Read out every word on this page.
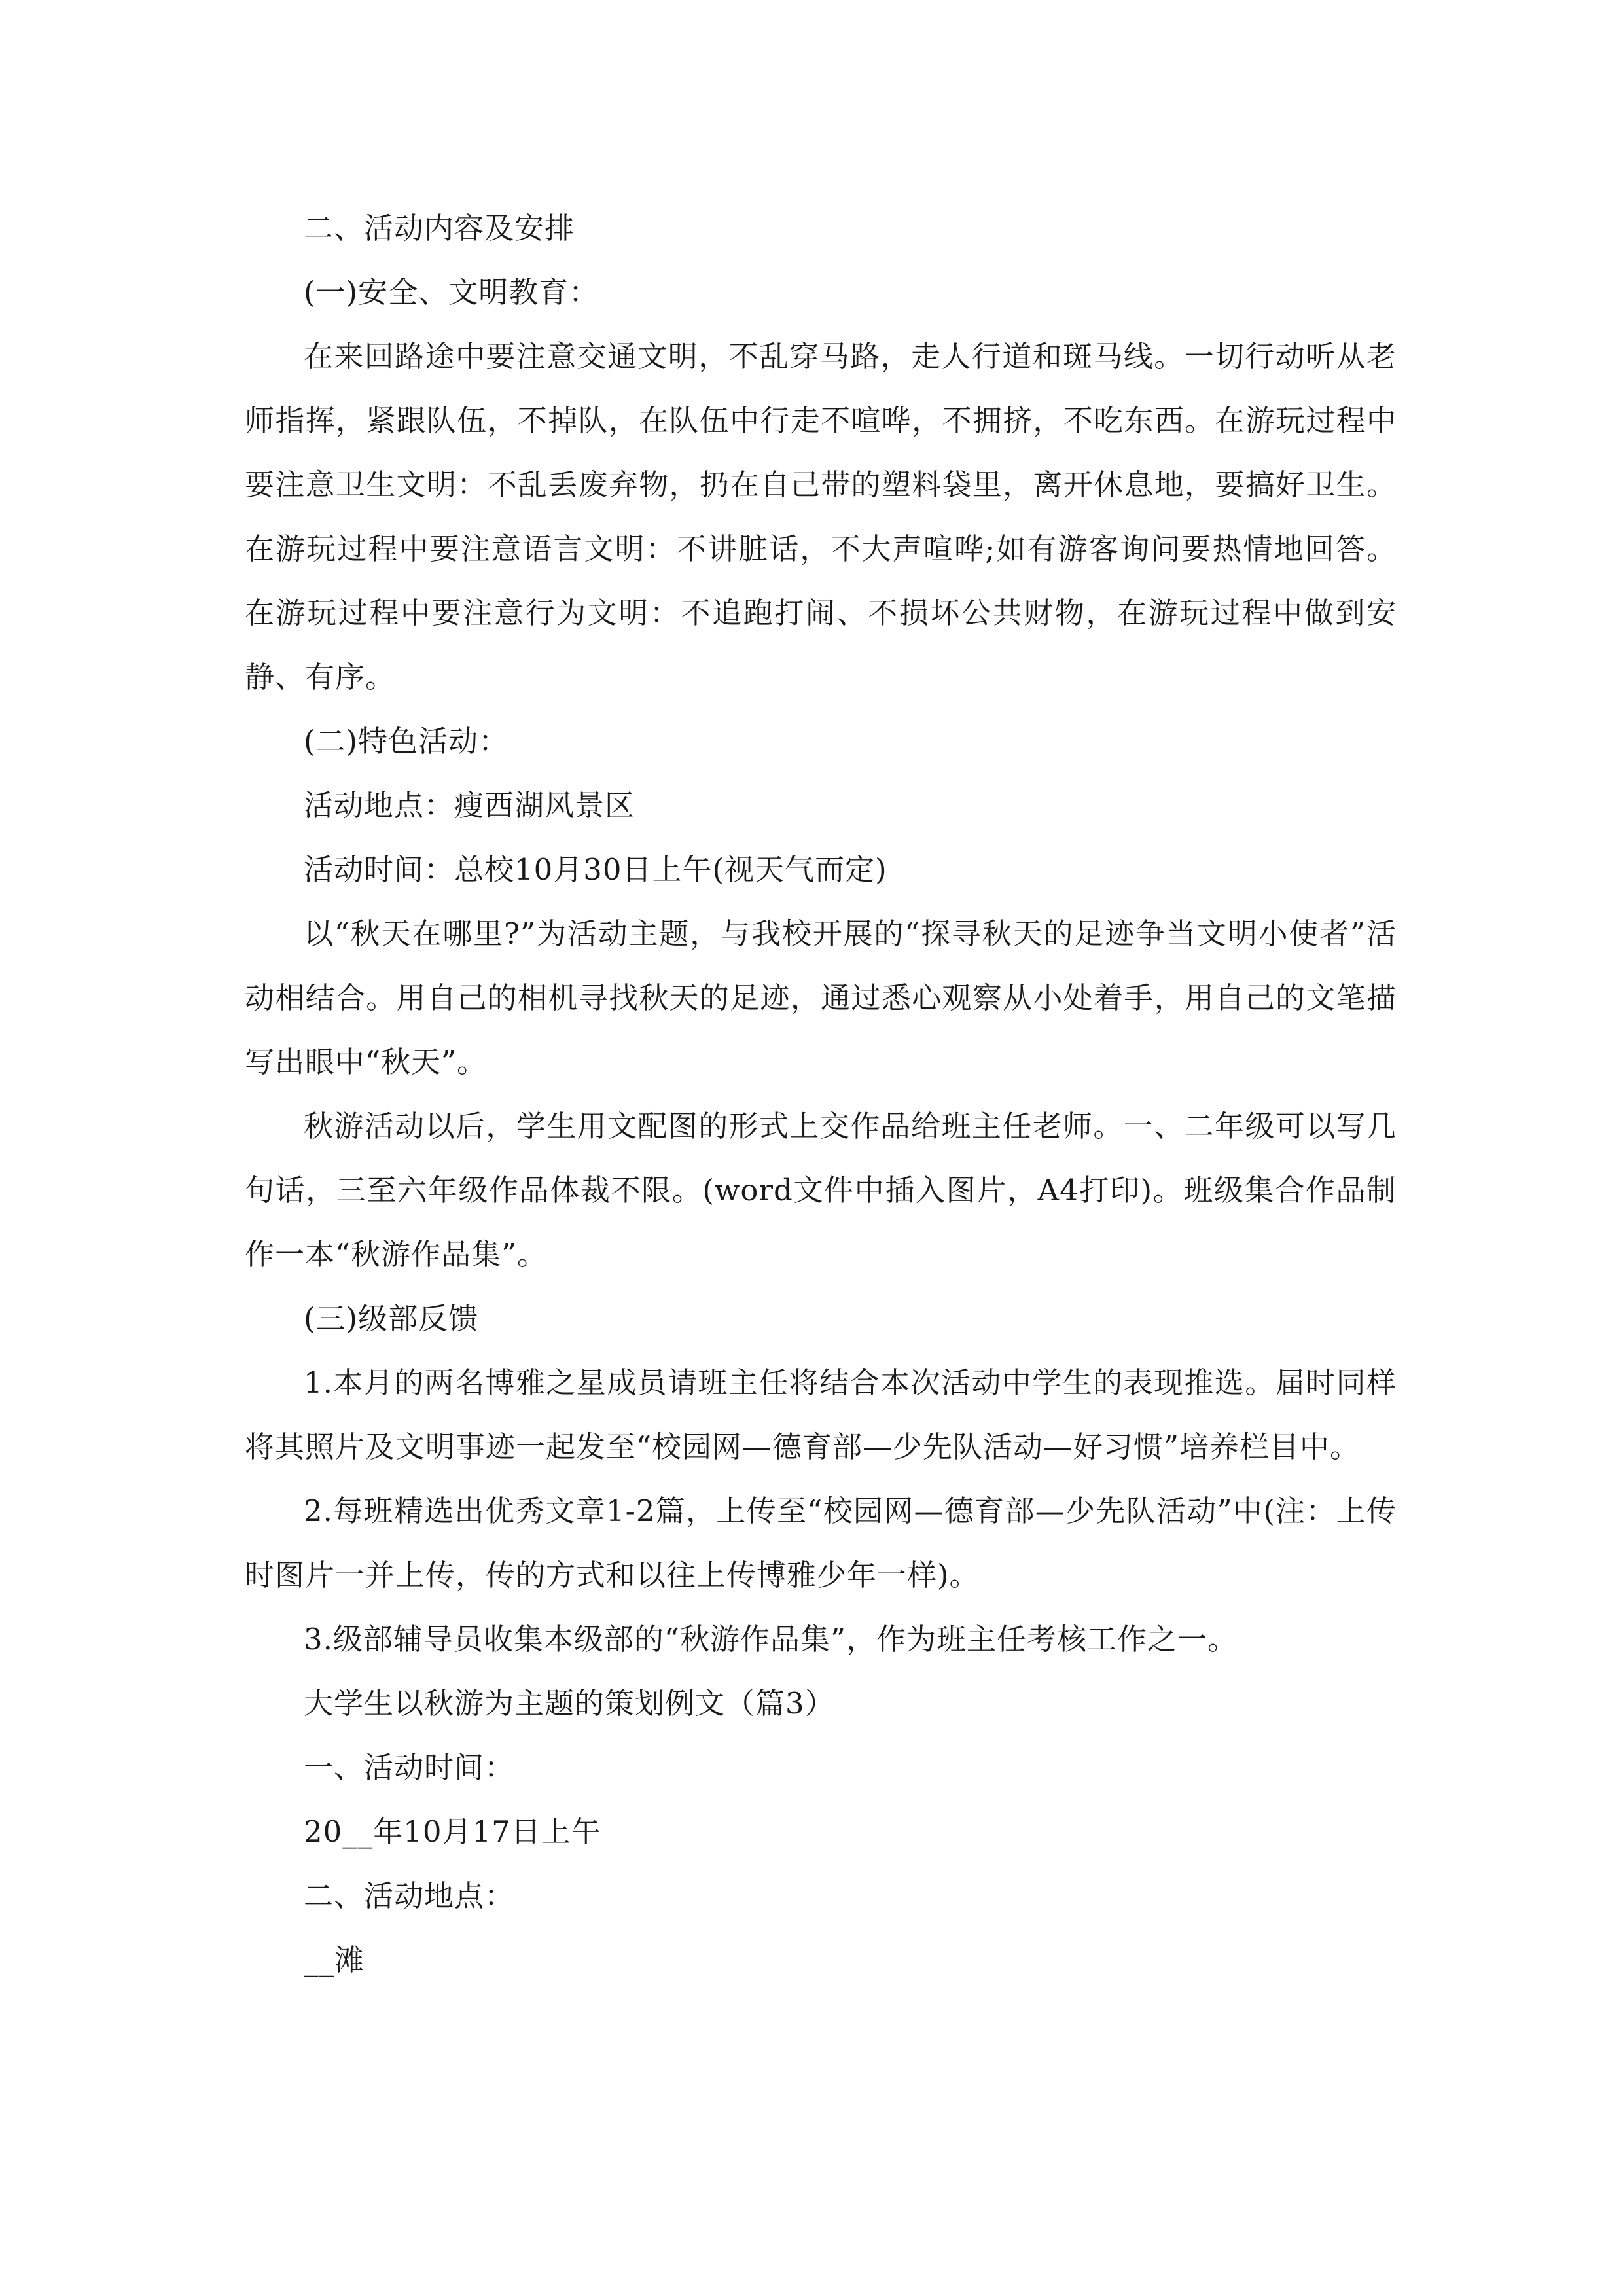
二、活动内容及安排

(一)安全、文明教育：

在来回路途中要注意交通文明，不乱穿马路，走人行道和斑马线。一切行动听从老师指挥，紧跟队伍，不掉队，在队伍中行走不喧哗，不拥挤，不吃东西。在游玩过程中要注意卫生文明：不乱丢废弃物，扔在自己带的塑料袋里，离开休息地，要搞好卫生。在游玩过程中要注意语言文明：不讲脏话，不大声喧哗;如有游客询问要热情地回答。在游玩过程中要注意行为文明：不追跑打闹、不损坏公共财物，在游玩过程中做到安静、有序。

(二)特色活动：

活动地点：瘦西湖风景区

活动时间：总校10月30日上午(视天气而定)

以“秋天在哪里?”为活动主题，与我校开展的“探寻秋天的足迹争当文明小使者”活动相结合。用自己的相机寻找秋天的足迹，通过悉心观察从小处着手，用自己的文笔描写出眼中“秋天”。

秋游活动以后，学生用文配图的形式上交作品给班主任老师。一、二年级可以写几句话，三至六年级作品体裁不限。(word文件中插入图片，A4打印)。班级集合作品制作一本“秋游作品集”。

(三)级部反馈

1.本月的两名博雅之星成员请班主任将结合本次活动中学生的表现推选。届时同样将其照片及文明事迹一起发至“校园网—德育部—少先队活动—好习惯”培养栏目中。

2.每班精选出优秀文章1-2篇，上传至“校园网—德育部—少先队活动”中(注：上传时图片一并上传，传的方式和以往上传博雅少年一样)。

3.级部辅导员收集本级部的“秋游作品集”，作为班主任考核工作之一。

大学生以秋游为主题的策划例文（篇3）

一、活动时间：

20__年10月17日上午

二、活动地点：

__滩
